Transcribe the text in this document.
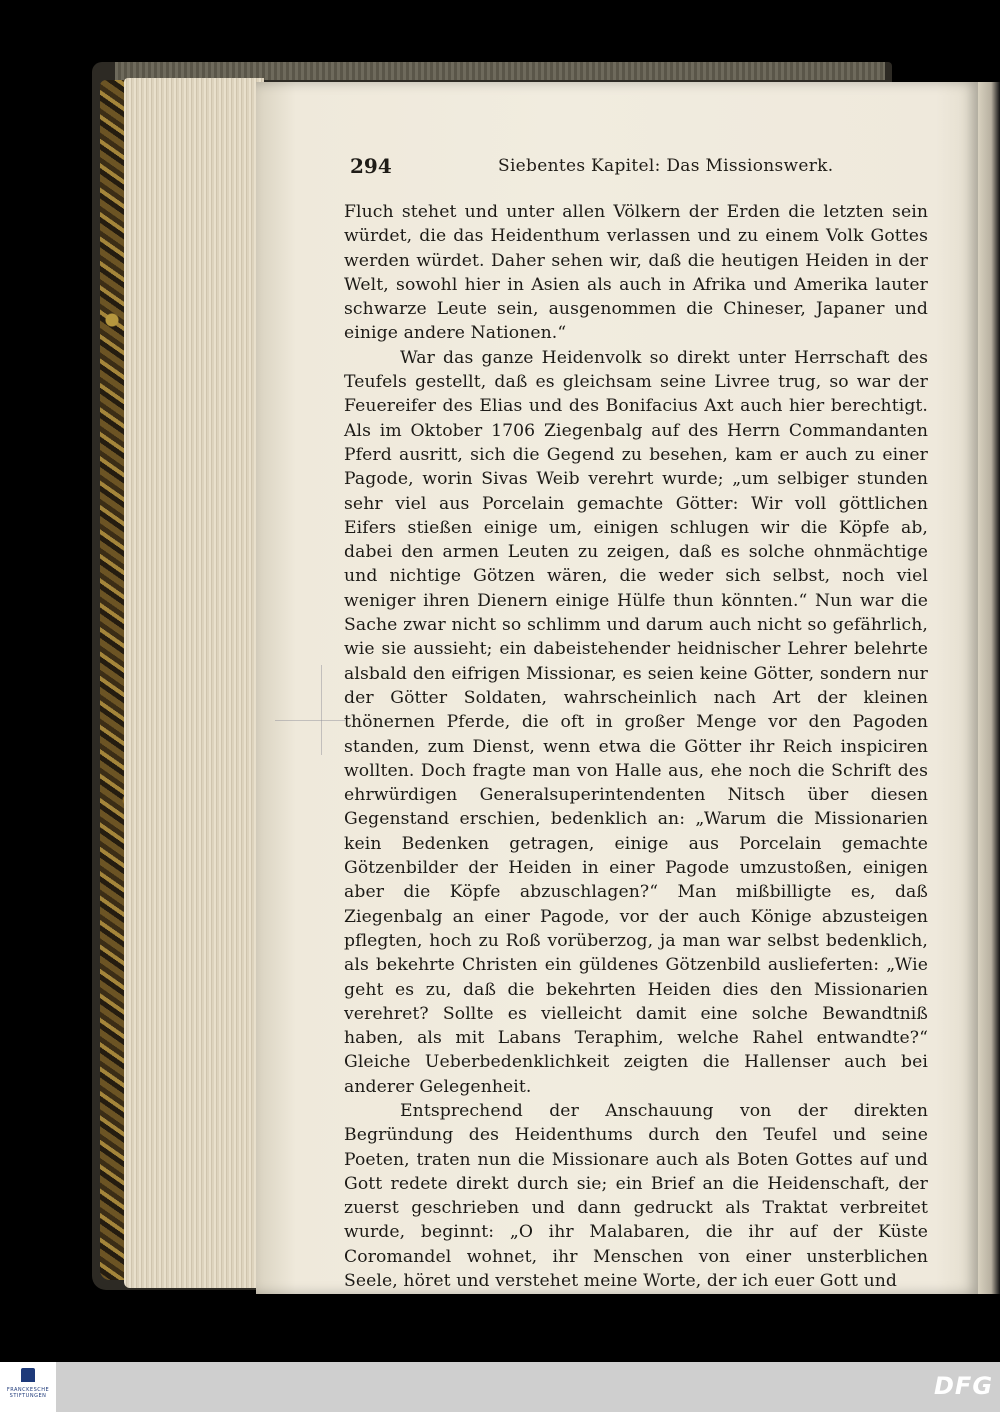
294	Siebentes Kapitel: Das Missionswerk.

Fluch stehet und unter allen Völkern der Erden die letzten sein würdet, die das Heidenthum verlassen und zu einem Volk Gottes werden würdet. Daher sehen wir, daß die heutigen Heiden in der Welt, sowohl hier in Asien als auch in Afrika und Amerika lauter schwarze Leute sein, ausgenommen die Chineser, Japaner und einige andere Nationen.“

War das ganze Heidenvolk so direkt unter Herrschaft des Teufels gestellt, daß es gleichsam seine Livree trug, so war der Feuereifer des Elias und des Bonifacius Axt auch hier berechtigt. Als im Oktober 1706 Ziegenbalg auf des Herrn Commandanten Pferd ausritt, sich die Gegend zu besehen, kam er auch zu einer Pagode, worin Sivas Weib verehrt wurde; „um selbiger stunden sehr viel aus Porcelain gemachte Götter: Wir voll göttlichen Eifers stießen einige um, einigen schlugen wir die Köpfe ab, dabei den armen Leuten zu zeigen, daß es solche ohnmächtige und nichtige Götzen wären, die weder sich selbst, noch viel weniger ihren Dienern einige Hülfe thun könnten.“ Nun war die Sache zwar nicht so schlimm und darum auch nicht so gefährlich, wie sie aussieht; ein dabeistehender heidnischer Lehrer belehrte alsbald den eifrigen Missionar, es seien keine Götter, sondern nur der Götter Soldaten, wahrscheinlich nach Art der kleinen thönernen Pferde, die oft in großer Menge vor den Pagoden standen, zum Dienst, wenn etwa die Götter ihr Reich inspiciren wollten. Doch fragte man von Halle aus, ehe noch die Schrift des ehrwürdigen Generalsuperintendenten Nitsch über diesen Gegenstand erschien, bedenklich an: „Warum die Missionarien kein Bedenken getragen, einige aus Porcelain gemachte Götzenbilder der Heiden in einer Pagode umzustoßen, einigen aber die Köpfe abzuschlagen?“ Man mißbilligte es, daß Ziegenbalg an einer Pagode, vor der auch Könige abzusteigen pflegten, hoch zu Roß vorüberzog, ja man war selbst bedenklich, als bekehrte Christen ein güldenes Götzenbild auslieferten: „Wie geht es zu, daß die bekehrten Heiden dies den Missionarien verehret? Sollte es vielleicht damit eine solche Bewandtniß haben, als mit Labans Teraphim, welche Rahel entwandte?“ Gleiche Ueberbedenklichkeit zeigten die Hallenser auch bei anderer Gelegenheit.

Entsprechend der Anschauung von der direkten Begründung des Heidenthums durch den Teufel und seine Poeten, traten nun die Missionare auch als Boten Gottes auf und Gott redete direkt durch sie; ein Brief an die Heidenschaft, der zuerst geschrieben und dann gedruckt als Traktat verbreitet wurde, beginnt: „O ihr Malabaren, die ihr auf der Küste Coromandel wohnet, ihr Menschen von einer unsterblichen Seele, höret und verstehet meine Worte, der ich euer Gott und

FRANCKESCHE STIFTUNGEN	DFG
